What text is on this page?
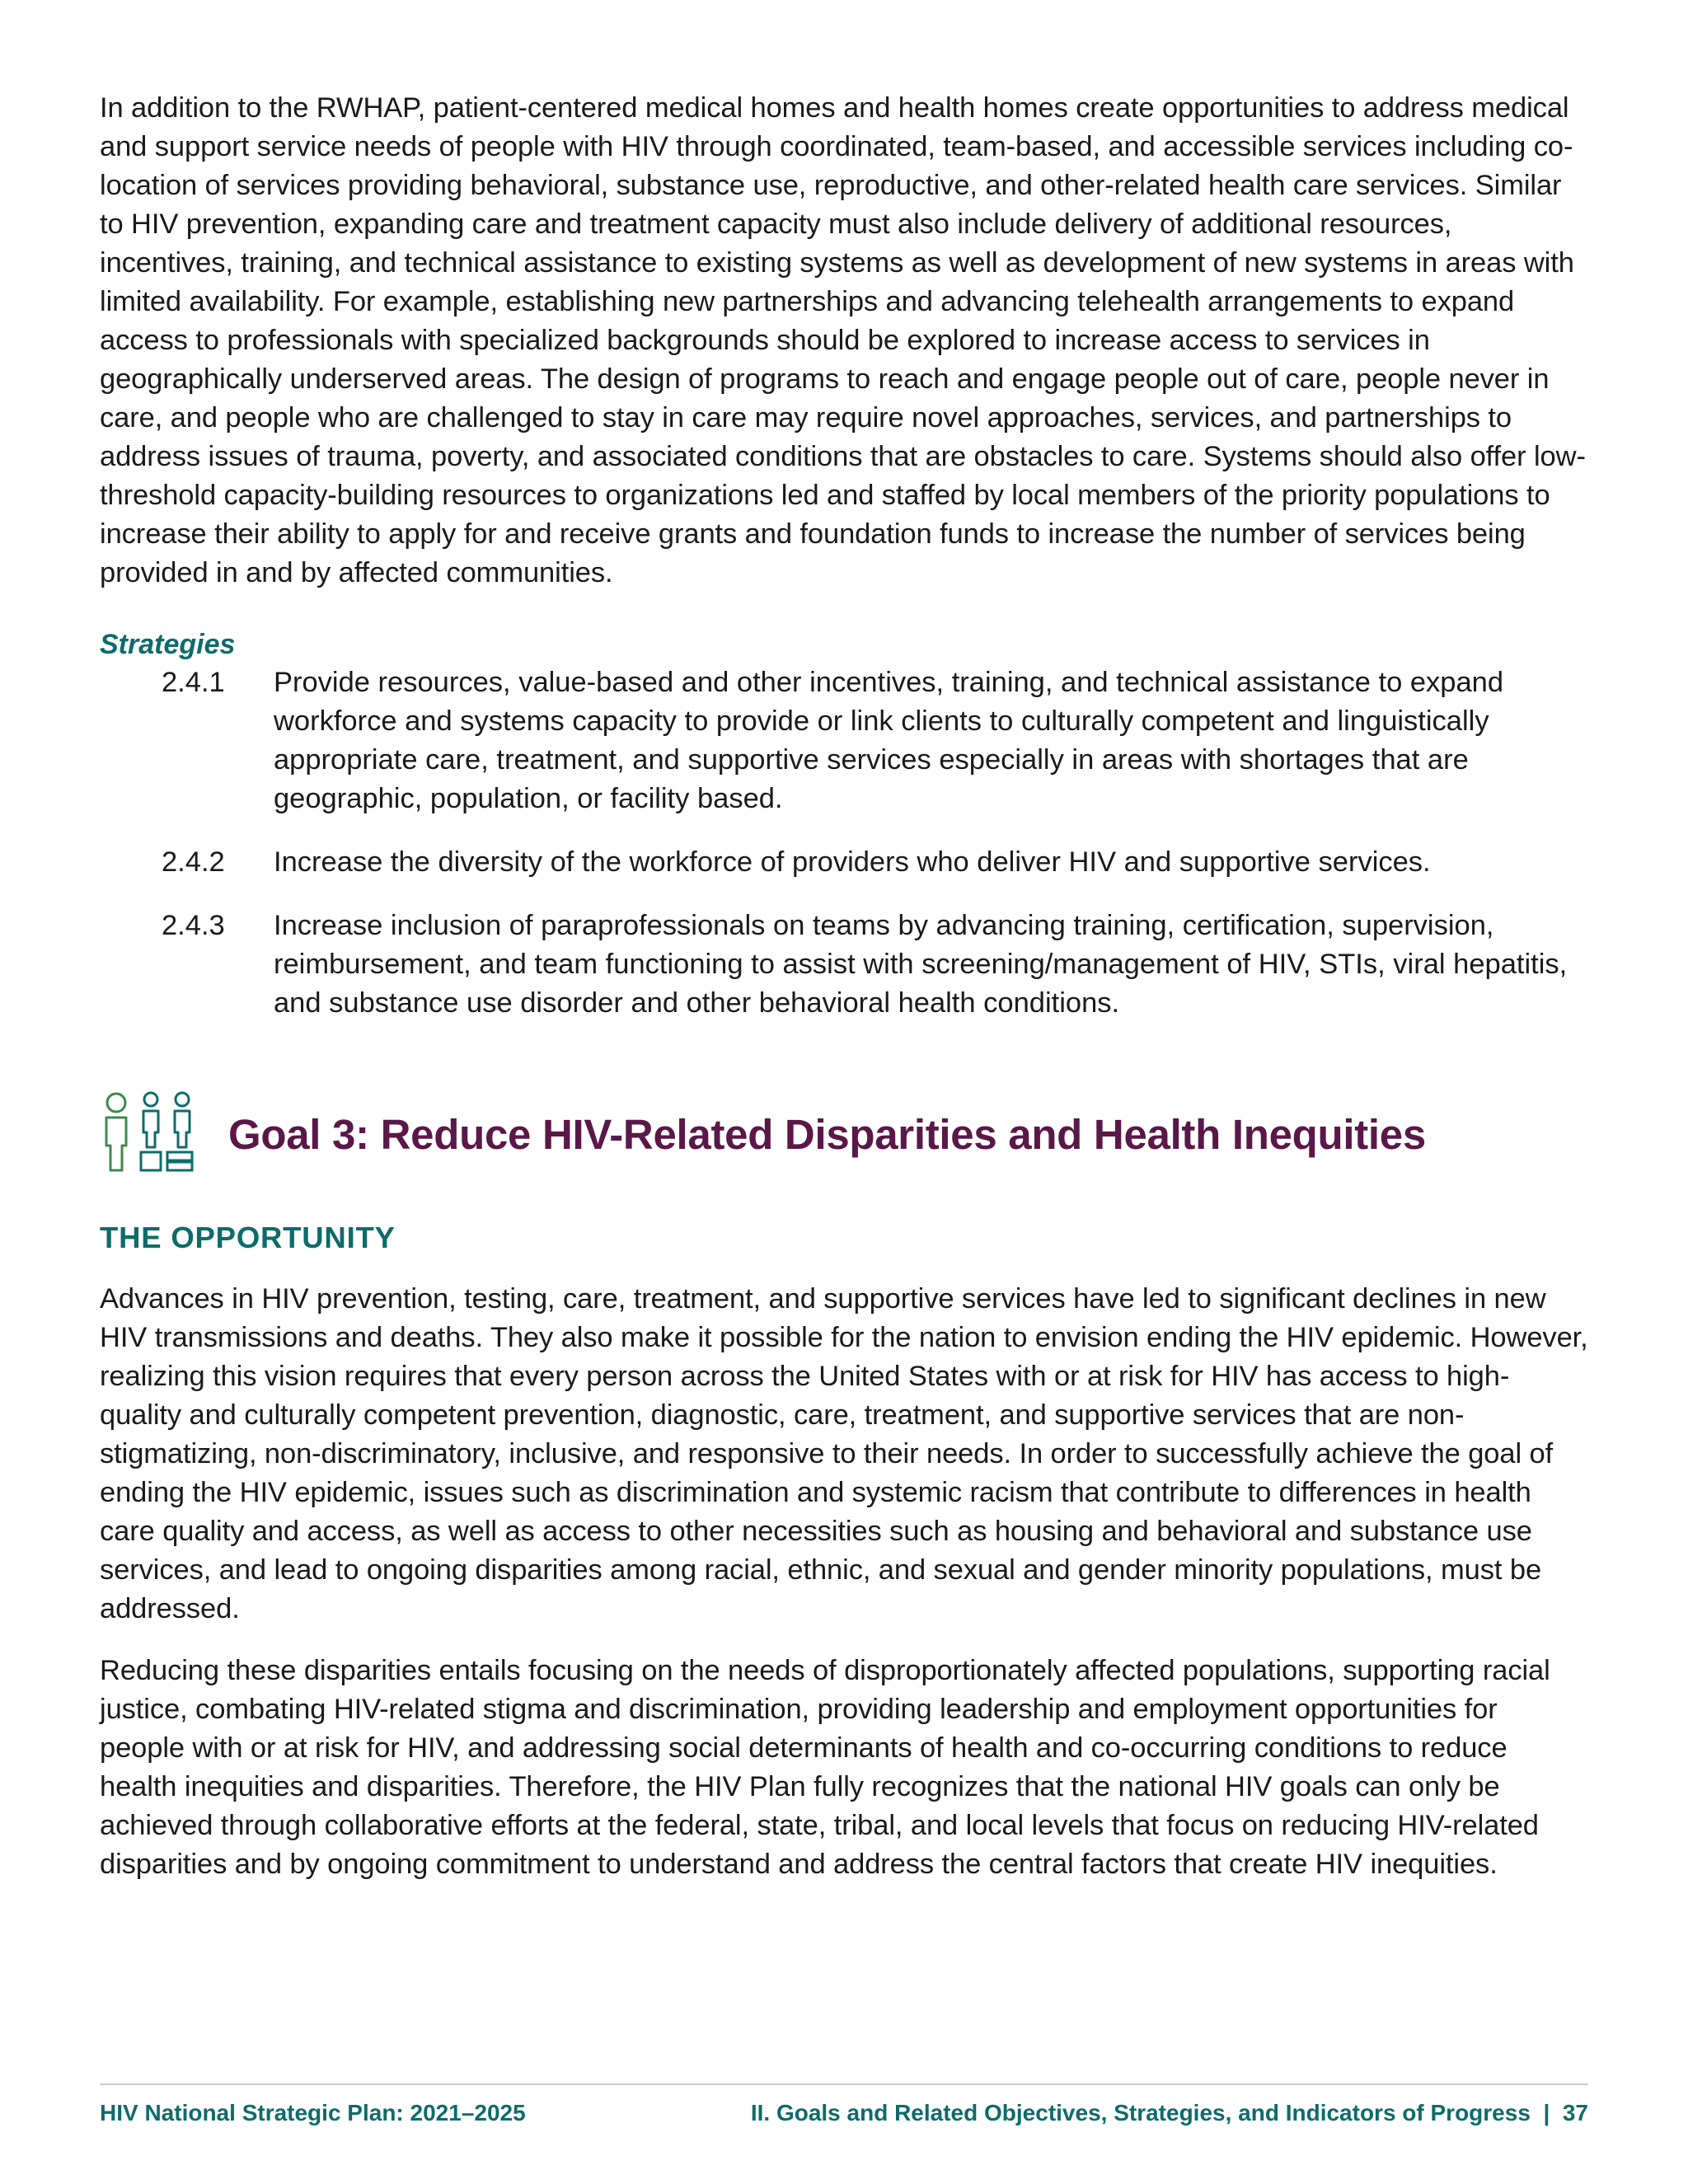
In addition to the RWHAP, patient-centered medical homes and health homes create opportunities to address medical and support service needs of people with HIV through coordinated, team-based, and accessible services including co-location of services providing behavioral, substance use, reproductive, and other-related health care services. Similar to HIV prevention, expanding care and treatment capacity must also include delivery of additional resources, incentives, training, and technical assistance to existing systems as well as development of new systems in areas with limited availability. For example, establishing new partnerships and advancing telehealth arrangements to expand access to professionals with specialized backgrounds should be explored to increase access to services in geographically underserved areas. The design of programs to reach and engage people out of care, people never in care, and people who are challenged to stay in care may require novel approaches, services, and partnerships to address issues of trauma, poverty, and associated conditions that are obstacles to care. Systems should also offer low-threshold capacity-building resources to organizations led and staffed by local members of the priority populations to increase their ability to apply for and receive grants and foundation funds to increase the number of services being provided in and by affected communities.

Strategies
2.4.1	Provide resources, value-based and other incentives, training, and technical assistance to expand workforce and systems capacity to provide or link clients to culturally competent and linguistically appropriate care, treatment, and supportive services especially in areas with shortages that are geographic, population, or facility based.
2.4.2	Increase the diversity of the workforce of providers who deliver HIV and supportive services.
2.4.3	Increase inclusion of paraprofessionals on teams by advancing training, certification, supervision, reimbursement, and team functioning to assist with screening/management of HIV, STIs, viral hepatitis, and substance use disorder and other behavioral health conditions.
Goal 3: Reduce HIV-Related Disparities and Health Inequities
THE OPPORTUNITY

Advances in HIV prevention, testing, care, treatment, and supportive services have led to significant declines in new HIV transmissions and deaths. They also make it possible for the nation to envision ending the HIV epidemic. However, realizing this vision requires that every person across the United States with or at risk for HIV has access to high-quality and culturally competent prevention, diagnostic, care, treatment, and supportive services that are non-stigmatizing, non-discriminatory, inclusive, and responsive to their needs. In order to successfully achieve the goal of ending the HIV epidemic, issues such as discrimination and systemic racism that contribute to differences in health care quality and access, as well as access to other necessities such as housing and behavioral and substance use services, and lead to ongoing disparities among racial, ethnic, and sexual and gender minority populations, must be addressed.

Reducing these disparities entails focusing on the needs of disproportionately affected populations, supporting racial justice, combating HIV-related stigma and discrimination, providing leadership and employment opportunities for people with or at risk for HIV, and addressing social determinants of health and co-occurring conditions to reduce health inequities and disparities. Therefore, the HIV Plan fully recognizes that the national HIV goals can only be achieved through collaborative efforts at the federal, state, tribal, and local levels that focus on reducing HIV-related disparities and by ongoing commitment to understand and address the central factors that create HIV inequities.

HIV National Strategic Plan: 2021–2025	II. Goals and Related Objectives, Strategies, and Indicators of Progress  |  37
